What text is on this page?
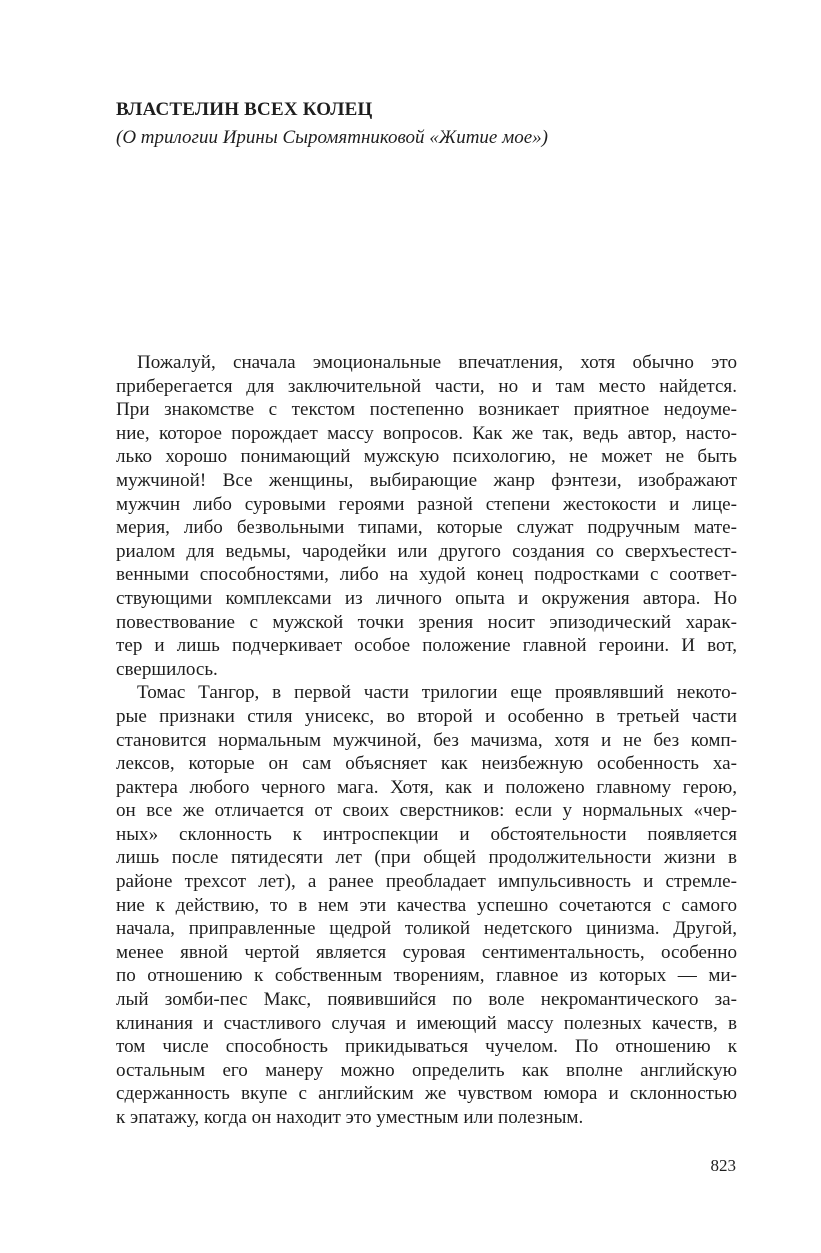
ВЛАСТЕЛИН ВСЕХ КОЛЕЦ

(О трилогии Ирины Сыромятниковой «Житие мое»)

Пожалуй, сначала эмоциональные впечатления, хотя обычно это
приберегается для заключительной части, но и там место найдется.
При знакомстве с текстом постепенно возникает приятное недоуме-
ние, которое порождает массу вопросов. Как же так, ведь автор, насто-
лько хорошо понимающий мужскую психологию, не может не быть
мужчиной! Все женщины, выбирающие жанр фэнтези, изображают
мужчин либо суровыми героями разной степени жестокости и лице-
мерия, либо безвольными типами, которые служат подручным мате-
риалом для ведьмы, чародейки или другого создания со сверхъестест-
венными способностями, либо на худой конец подростками с соответ-
ствующими комплексами из личного опыта и окружения автора. Но
повествование с мужской точки зрения носит эпизодический харак-
тер и лишь подчеркивает особое положение главной героини. И вот,
свершилось.

Томас Тангор, в первой части трилогии еще проявлявший некото-
рые признаки стиля унисекс, во второй и особенно в третьей части
становится нормальным мужчиной, без мачизма, хотя и не без комп-
лексов, которые он сам объясняет как неизбежную особенность ха-
рактера любого черного мага. Хотя, как и положено главному герою,
он все же отличается от своих сверстников: если у нормальных «чер-
ных» склонность к интроспекции и обстоятельности появляется
лишь после пятидесяти лет (при общей продолжительности жизни в
районе трехсот лет), а ранее преобладает импульсивность и стремле-
ние к действию, то в нем эти качества успешно сочетаются с самого
начала, приправленные щедрой толикой недетского цинизма. Другой,
менее явной чертой является суровая сентиментальность, особенно
по отношению к собственным творениям, главное из которых — ми-
лый зомби-пес Макс, появившийся по воле некромантического за-
клинания и счастливого случая и имеющий массу полезных качеств, в
том числе способность прикидываться чучелом. По отношению к
остальным его манеру можно определить как вполне английскую
сдержанность вкупе с английским же чувством юмора и склонностью
к эпатажу, когда он находит это уместным или полезным.

823
